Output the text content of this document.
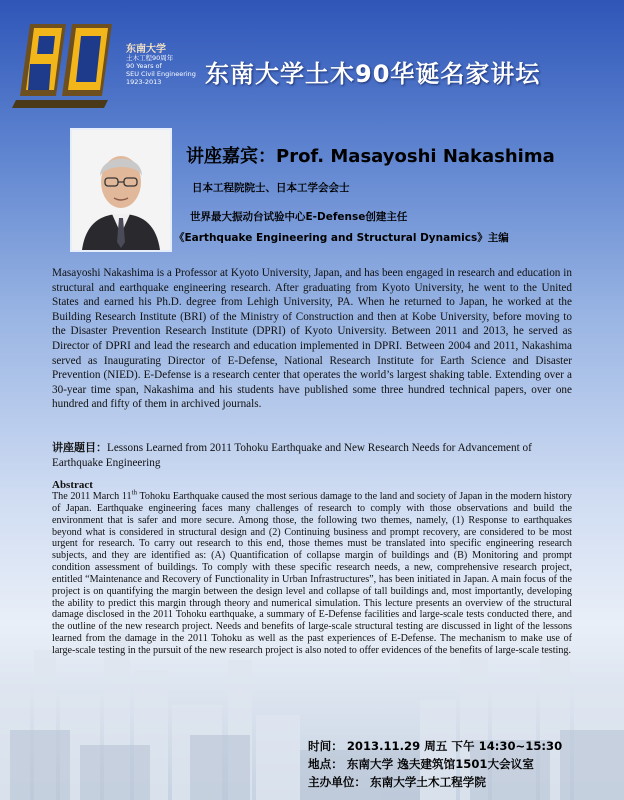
东南大学
土木工程90周年
90 Years of
SEU Civil Engineering
1923-2013	东南大学土木90华诞名家讲坛
讲座嘉宾：Prof. Masayoshi Nakashima
日本工程院院士、日本工学会会士
世界最大振动台试验中心E-Defense创建主任
《Earthquake Engineering and Structural Dynamics》主编

Masayoshi Nakashima is a Professor at Kyoto University, Japan, and has been engaged in research and education in structural and earthquake engineering research. After graduating from Kyoto University, he went to the United States and earned his Ph.D. degree from Lehigh University, PA. When he returned to Japan, he worked at the Building Research Institute (BRI) of the Ministry of Construction and then at Kobe University, before moving to the Disaster Prevention Research Institute (DPRI) of Kyoto University. Between 2011 and 2013, he served as Director of DPRI and lead the research and education implemented in DPRI. Between 2004 and 2011, Nakashima served as Inaugurating Director of E-Defense, National Research Institute for Earth Science and Disaster Prevention (NIED). E-Defense is a research center that operates the world’s largest shaking table. Extending over a 30-year time span, Nakashima and his students have published some three hundred technical papers, over one hundred and fifty of them in archived journals.

讲座题目：Lessons Learned from 2011 Tohoku Earthquake and New Research Needs for Advancement of Earthquake Engineering

Abstract

The 2011 March 11th Tohoku Earthquake caused the most serious damage to the land and society of Japan in the modern history of Japan. Earthquake engineering faces many challenges of research to comply with those observations and build the environment that is safer and more secure. Among those, the following two themes, namely, (1) Response to earthquakes beyond what is considered in structural design and (2) Continuing business and prompt recovery, are considered to be most urgent for research. To carry out research to this end, those themes must be translated into specific engineering research subjects, and they are identified as: (A) Quantification of collapse margin of buildings and (B) Monitoring and prompt condition assessment of buildings. To comply with these specific research needs, a new, comprehensive research project, entitled “Maintenance and Recovery of Functionality in Urban Infrastructures”, has been initiated in Japan. A main focus of the project is on quantifying the margin between the design level and collapse of tall buildings and, most importantly, developing the ability to predict this margin through theory and numerical simulation. This lecture presents an overview of the structural damage disclosed in the 2011 Tohoku earthquake, a summary of E-Defense facilities and large-scale tests conducted there, and the outline of the new research project. Needs and benefits of large-scale structural testing are discussed in light of the lessons learned from the damage in the 2011 Tohoku as well as the past experiences of E-Defense. The mechanism to make use of large-scale testing in the pursuit of the new research project is also noted to offer evidences of the benefits of large-scale testing.

时间： 2013.11.29 周五 下午 14:30~15:30
地点： 东南大学 逸夫建筑馆1501大会议室
主办单位： 东南大学土木工程学院
